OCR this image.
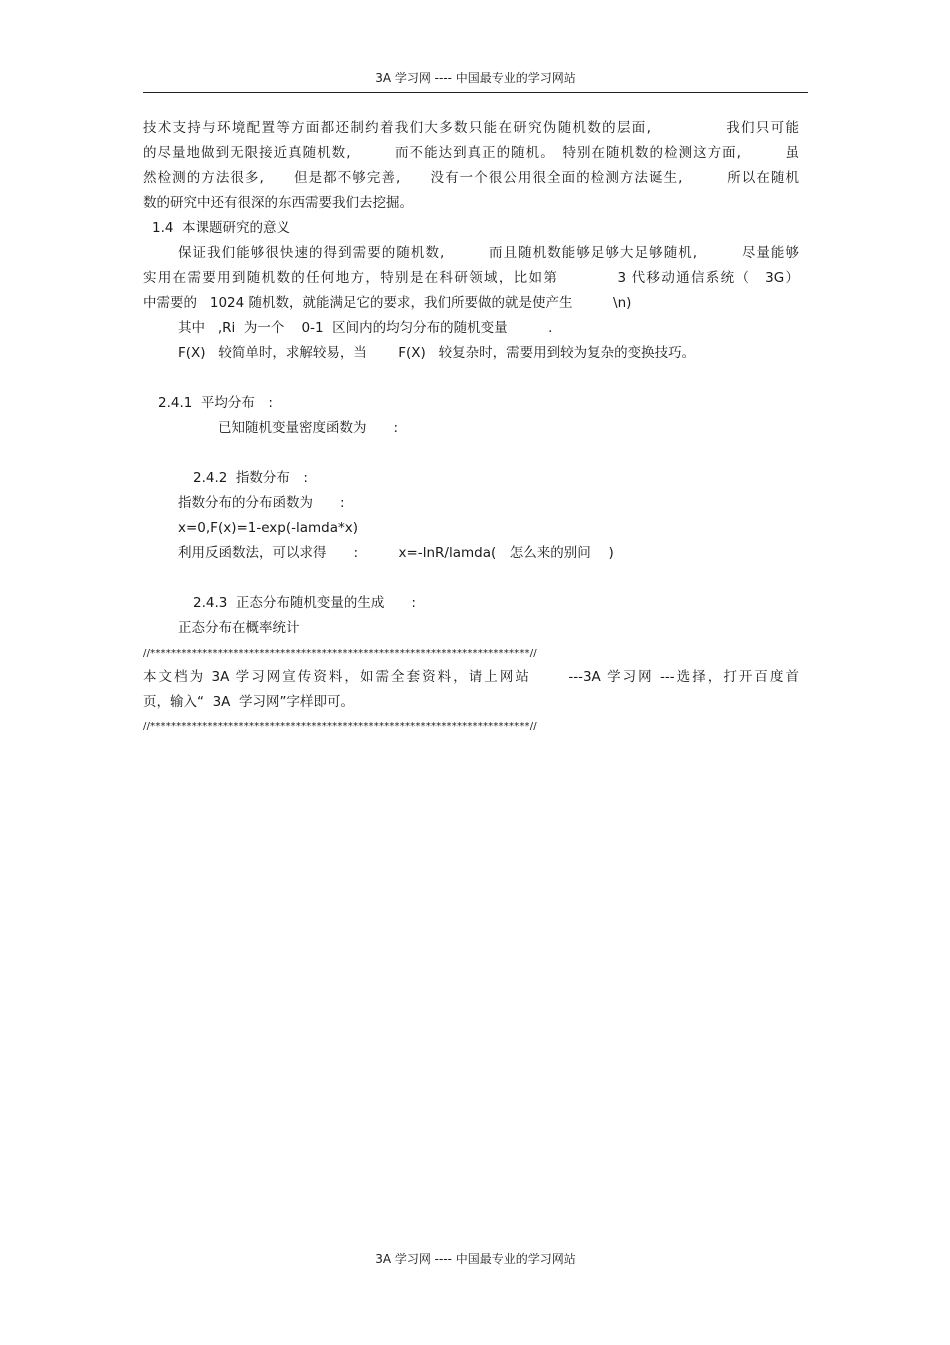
3A 学习网 ---- 中国最专业的学习网站
技术支持与环境配置等方面都还制约着我们大多数只能在研究伪随机数的层面,　　　　　我们只可能
的尽量地做到无限接近真随机数,　　　而不能达到真正的随机。　特别在随机数的检测这方面,　　　虽
然检测的方法很多,　　但是都不够完善,　　没有一个很公用很全面的检测方法诞生,　　　所以在随机
数的研究中还有很深的东西需要我们去挖掘。
1.4  本课题研究的意义
保证我们能够很快速的得到需要的随机数,　　　而且随机数能够足够大足够随机,　　　尽量能够
实用在需要用到随机数的任何地方，特别是在科研领域，比如第　　　　3 代移动通信系统（　3G）
中需要的   1024 随机数，就能满足它的要求，我们所要做的就是使产生　　　\n)
其中   ,Ri  为一个    0-1  区间内的均匀分布的随机变量　　　.
F(X)   较简单时，求解较易，当　　 F(X)   较复杂时，需要用到较为复杂的变换技巧。
2.4.1  平均分布　:
已知随机变量密度函数为　　:
2.4.2  指数分布　:
指数分布的分布函数为　　:
x=0,F(x)=1-exp(-lamda*x)
利用反函数法，可以求得　　:　　　x=-lnR/lamda(　怎么来的别问　 )
2.4.3  正态分布随机变量的生成　　:
正态分布在概率统计
//*************************************************************************//
本文档为 3A 学习网宣传资料，如需全套资料，请上网站　　 ---3A 学习网 ---选择，打开百度首
页，输入“  3A  学习网”字样即可。
//*************************************************************************//
3A 学习网 ---- 中国最专业的学习网站
